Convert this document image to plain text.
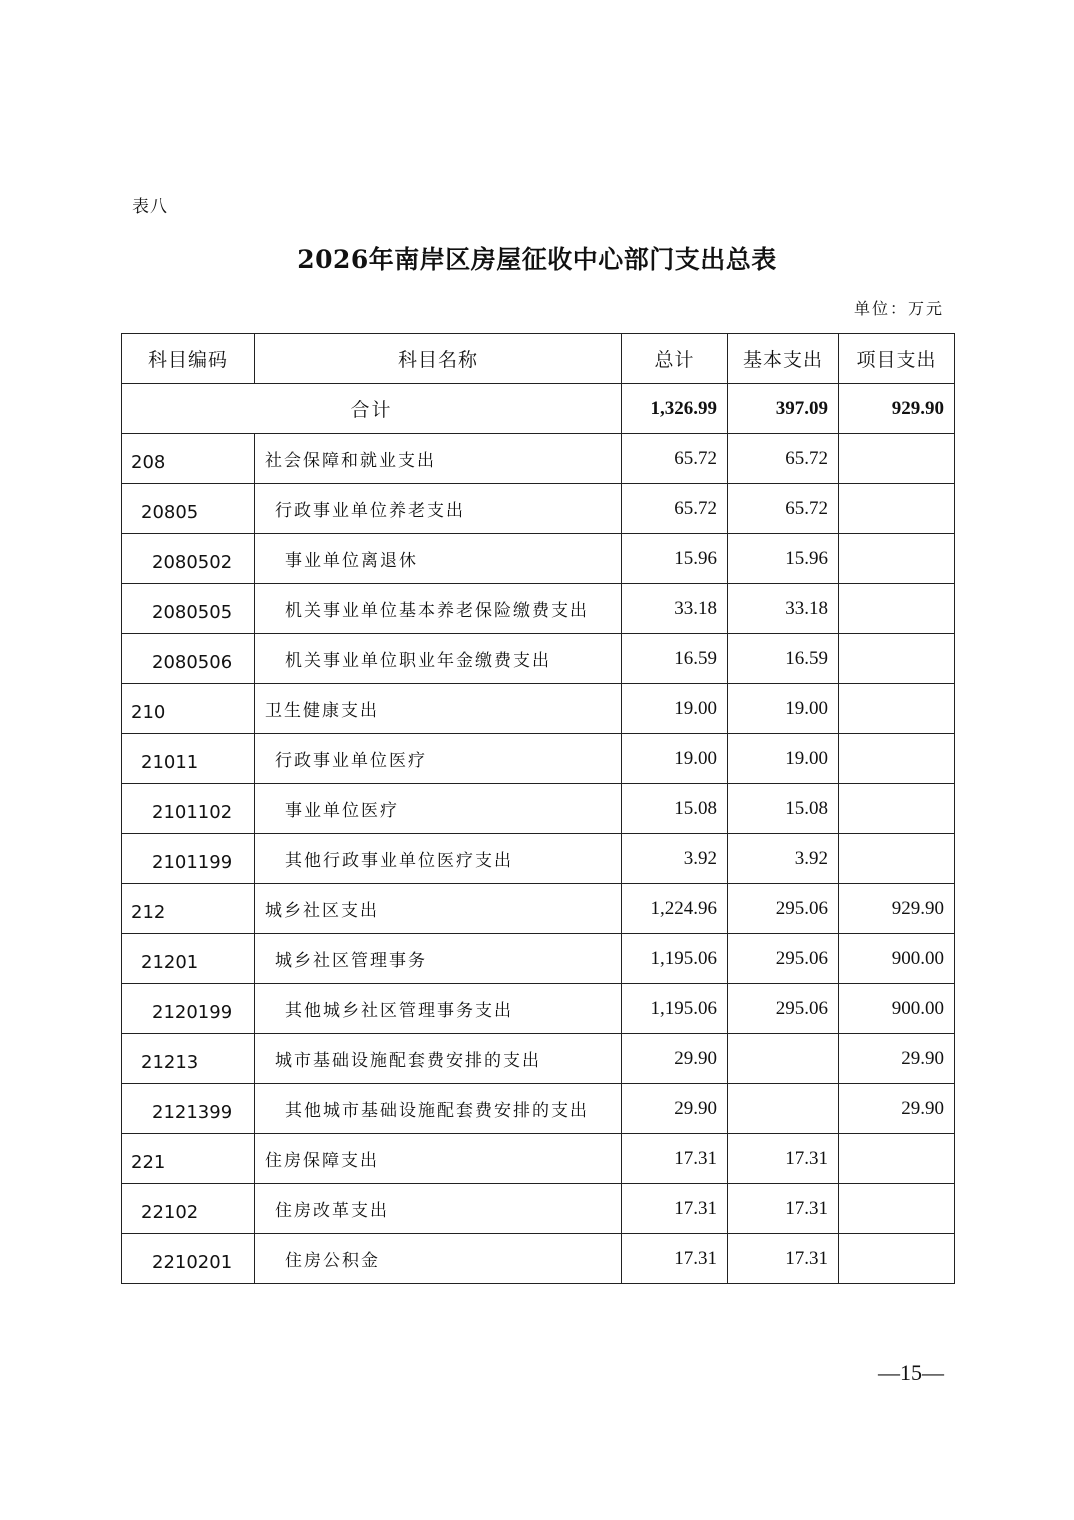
表八
2026年南岸区房屋征收中心部门支出总表
单位：万元
科目编码	科目名称	总计	基本支出	项目支出
合计		1,326.99	397.09	929.90
208	社会保障和就业支出	65.72	65.72	
20805	行政事业单位养老支出	65.72	65.72	
2080502	事业单位离退休	15.96	15.96	
2080505	机关事业单位基本养老保险缴费支出	33.18	33.18	
2080506	机关事业单位职业年金缴费支出	16.59	16.59	
210	卫生健康支出	19.00	19.00	
21011	行政事业单位医疗	19.00	19.00	
2101102	事业单位医疗	15.08	15.08	
2101199	其他行政事业单位医疗支出	3.92	3.92	
212	城乡社区支出	1,224.96	295.06	929.90
21201	城乡社区管理事务	1,195.06	295.06	900.00
2120199	其他城乡社区管理事务支出	1,195.06	295.06	900.00
21213	城市基础设施配套费安排的支出	29.90		29.90
2121399	其他城市基础设施配套费安排的支出	29.90		29.90
221	住房保障支出	17.31	17.31	
22102	住房改革支出	17.31	17.31	
2210201	住房公积金	17.31	17.31	
—15—
